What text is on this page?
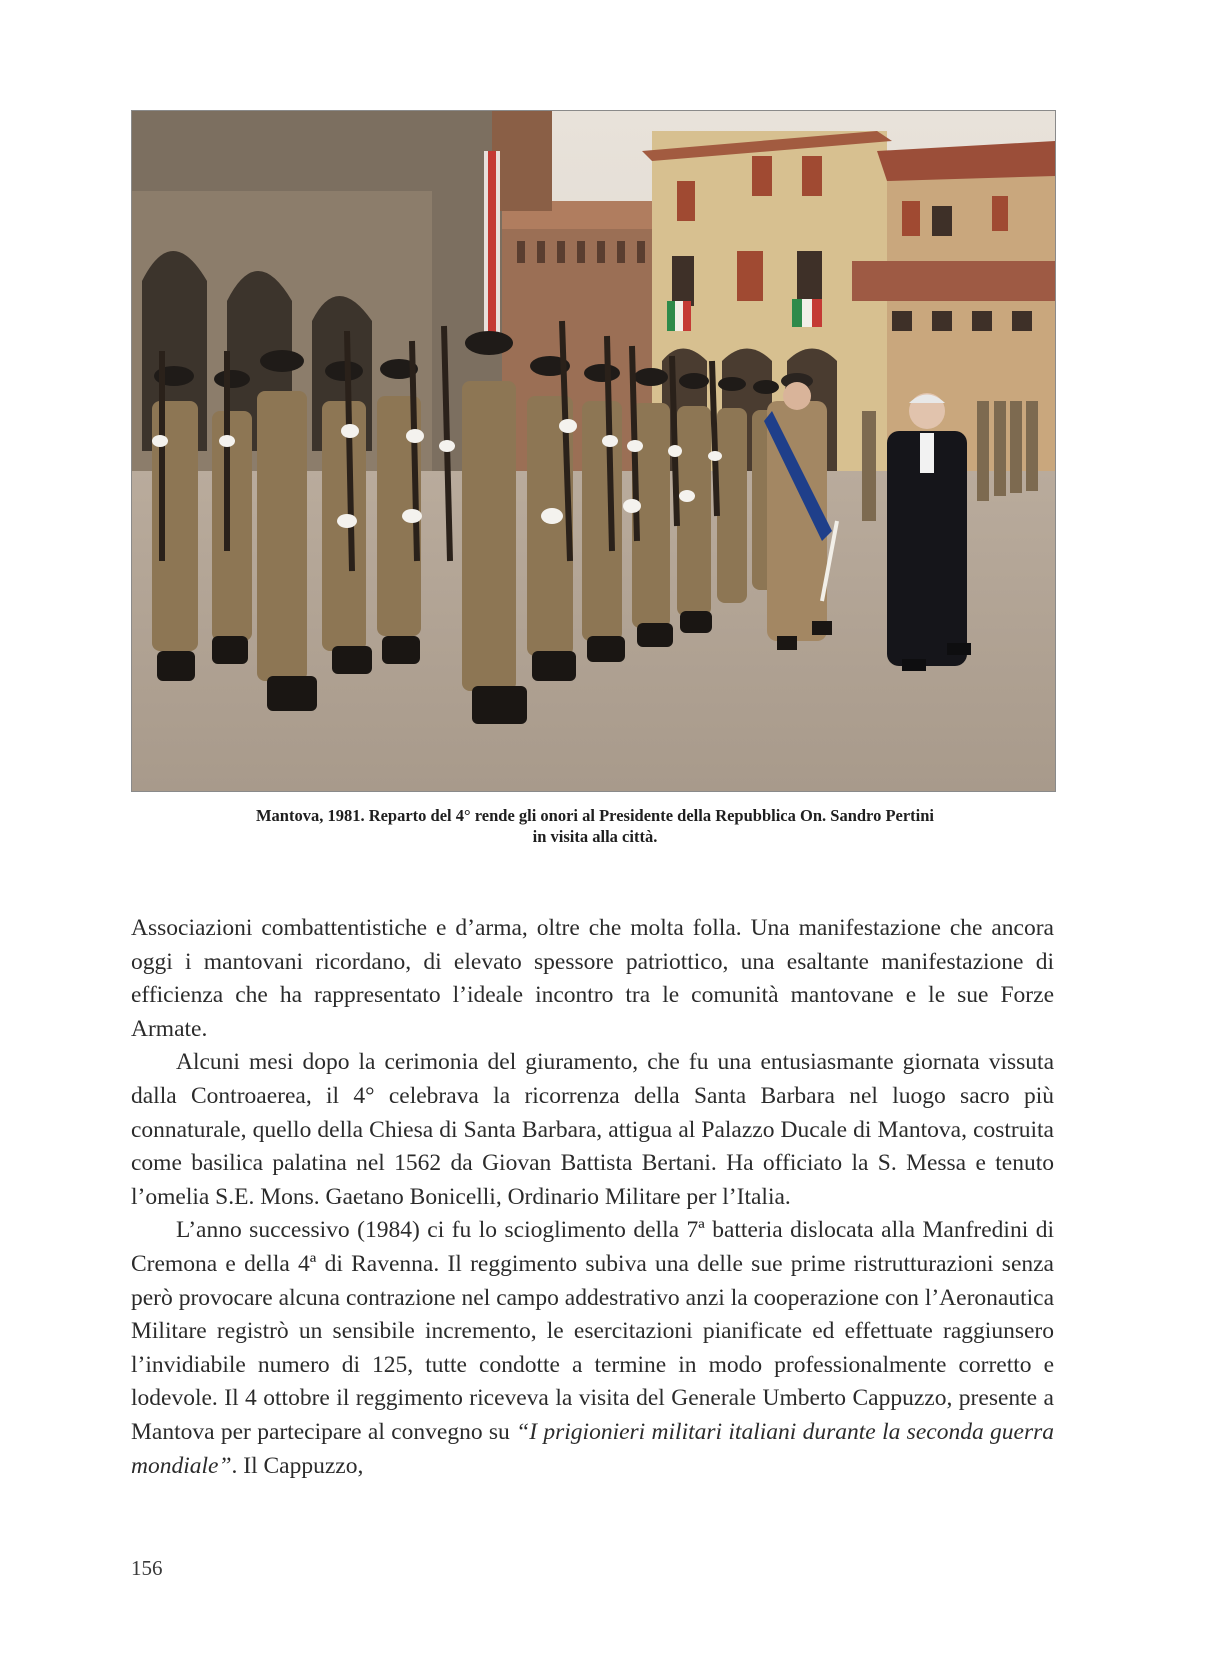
Mantova, 1981. Reparto del 4° rende gli onori al Presidente della Repubblica On. Sandro Pertini
in visita alla città.

Associazioni combattentistiche e d’arma, oltre che molta folla. Una manifestazione che ancora oggi i mantovani ricordano, di elevato spessore patriottico, una esaltante manifestazione di efficienza che ha rappresentato l’ideale incontro tra le comunità mantovane e le sue Forze Armate.

Alcuni mesi dopo la cerimonia del giuramento, che fu una entusiasmante giornata vissuta dalla Controaerea, il 4° celebrava la ricorrenza della Santa Barbara nel luogo sacro più connaturale, quello della Chiesa di Santa Barbara, attigua al Palazzo Ducale di Mantova, costruita come basilica palatina nel 1562 da Giovan Battista Bertani. Ha officiato la S. Messa e tenuto l’omelia S.E. Mons. Gaetano Bonicelli, Ordinario Militare per l’Italia.

L’anno successivo (1984) ci fu lo scioglimento della 7ª batteria dislocata alla Manfredini di Cremona e della 4ª di Ravenna. Il reggimento subiva una delle sue prime ristrutturazioni senza però provocare alcuna contrazione nel campo addestrativo anzi la cooperazione con l’Aeronautica Militare registrò un sensibile incremento, le esercitazioni pianificate ed effettuate raggiunsero l’invidiabile numero di 125, tutte condotte a termine in modo professionalmente corretto e lodevole. Il 4 ottobre il reggimento riceveva la visita del Generale Umberto Cappuzzo, presente a Mantova per partecipare al convegno su “I prigionieri militari italiani durante la seconda guerra mondiale”. Il Cappuzzo,

156
